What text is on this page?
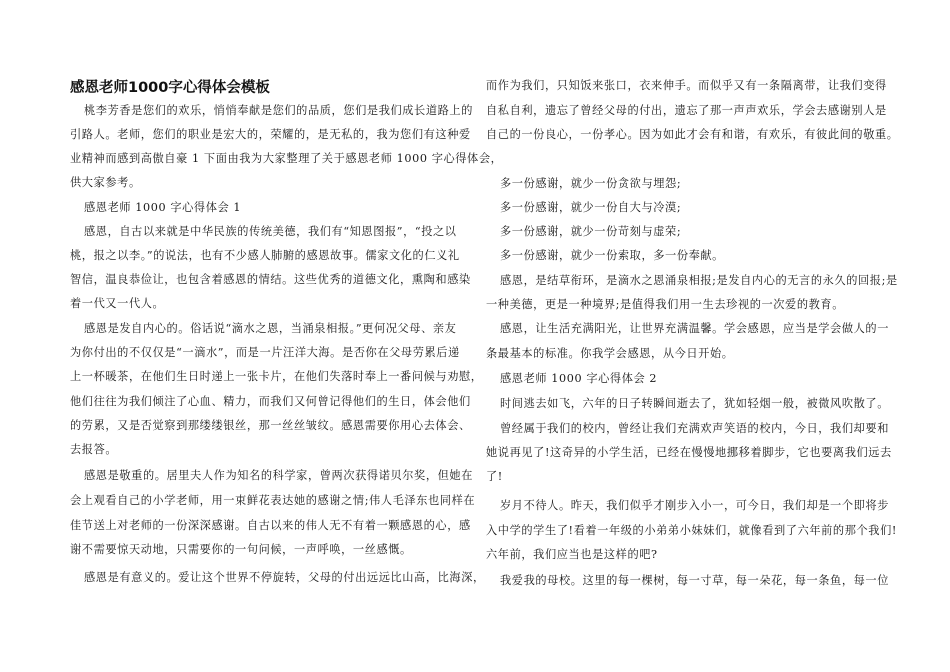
感恩老师1000字心得体会模板
桃李芳香是您们的欢乐，悄悄奉献是您们的品质，您们是我们成长道路上的
引路人。老师，您们的职业是宏大的，荣耀的，是无私的，我为您们有这种爱
业精神而感到高傲自豪 1 下面由我为大家整理了关于感恩老师 1000 字心得体会，
供大家参考。
感恩老师 1000 字心得体会 1
感恩，自古以来就是中华民族的传统美德，我们有“知恩图报”，“投之以
桃，报之以李。”的说法，也有不少感人肺腑的感恩故事。儒家文化的仁义礼
智信，温良恭俭让，也包含着感恩的情结。这些优秀的道德文化，熏陶和感染
着一代又一代人。
感恩是发自内心的。俗话说“滴水之恩，当涌泉相报。”更何况父母、亲友
为你付出的不仅仅是“一滴水”，而是一片汪洋大海。是否你在父母劳累后递
上一杯暖茶，在他们生日时递上一张卡片，在他们失落时奉上一番问候与劝慰，
他们往往为我们倾注了心血、精力，而我们又何曾记得他们的生日，体会他们
的劳累，又是否觉察到那缕缕银丝，那一丝丝皱纹。感恩需要你用心去体会、
去报答。
感恩是敬重的。居里夫人作为知名的科学家，曾两次获得诺贝尔奖，但她在
会上观看自己的小学老师，用一束鲜花表达她的感谢之情;伟人毛泽东也同样在
佳节送上对老师的一份深深感谢。自古以来的伟人无不有着一颗感恩的心，感
谢不需要惊天动地，只需要你的一句问候，一声呼唤，一丝感慨。
感恩是有意义的。爱让这个世界不停旋转，父母的付出远远比山高，比海深，
而作为我们，只知饭来张口，衣来伸手。而似乎又有一条隔离带，让我们变得
自私自利，遗忘了曾经父母的付出，遗忘了那一声声欢乐，学会去感谢别人是
自己的一份良心，一份孝心。因为如此才会有和谐，有欢乐，有彼此间的敬重。
多一份感谢，就少一份贪欲与埋怨;
多一份感谢，就少一份自大与冷漠;
多一份感谢，就少一份苛刻与虚荣;
多一份感谢，就少一份索取，多一份奉献。
感恩，是结草衔环，是滴水之恩涌泉相报;是发自内心的无言的永久的回报;是
一种美德，更是一种境界;是值得我们用一生去珍视的一次爱的教育。
感恩，让生活充满阳光，让世界充满温馨。学会感恩，应当是学会做人的一
条最基本的标准。你我学会感恩，从今日开始。
感恩老师 1000 字心得体会 2
时间逃去如飞，六年的日子转瞬间逝去了，犹如轻烟一般，被微风吹散了。
曾经属于我们的校内，曾经让我们充满欢声笑语的校内，今日，我们却要和
她说再见了!这奇异的小学生活，已经在慢慢地挪移着脚步，它也要离我们远去
了!
岁月不待人。昨天，我们似乎才刚步入小一，可今日，我们却是一个即将步
入中学的学生了!看着一年级的小弟弟小妹妹们，就像看到了六年前的那个我们!
六年前，我们应当也是这样的吧?
我爱我的母校。这里的每一棵树，每一寸草，每一朵花，每一条鱼，每一位
